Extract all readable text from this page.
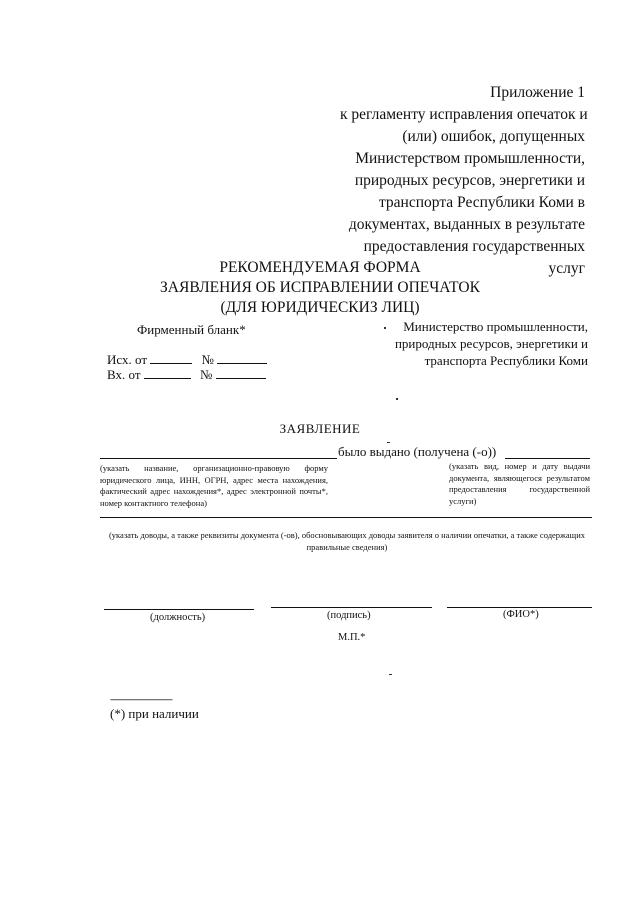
Приложение 1
к регламенту исправления опечаток и
(или) ошибок, допущенных
Министерством промышленности,
природных ресурсов, энергетики и
транспорта Республики Коми в
документах, выданных в результате
предоставления государственных
услуг
РЕКОМЕНДУЕМАЯ ФОРМА
ЗАЯВЛЕНИЯ ОБ ИСПРАВЛЕНИИ ОПЕЧАТОК
(ДЛЯ ЮРИДИЧЕСКИЗ ЛИЦ)
Фирменный бланк*	Министерство промышленности,
природных ресурсов, энергетики и
транспорта Республики Коми
Исх. от	№
Вх. от	№
ЗАЯВЛЕНИЕ
было выдано (получена (-о))
(указать название, организационно-правовую форму юридического лица, ИНН, ОГРН, адрес места нахождения, фактический адрес нахождения*, адрес электронной почты*, номер контактного телефона)
(указать вид, номер и дату выдачи документа, являющегося результатом предоставления государственной услуги)
(указать доводы, а также реквизиты документа (-ов), обосновывающих доводы заявителя о наличии опечатки, а также содержащих правильные сведения)
(должность)	(подпись)	(ФИО*)
М.П.*
-------------------------------
(*) при наличии
